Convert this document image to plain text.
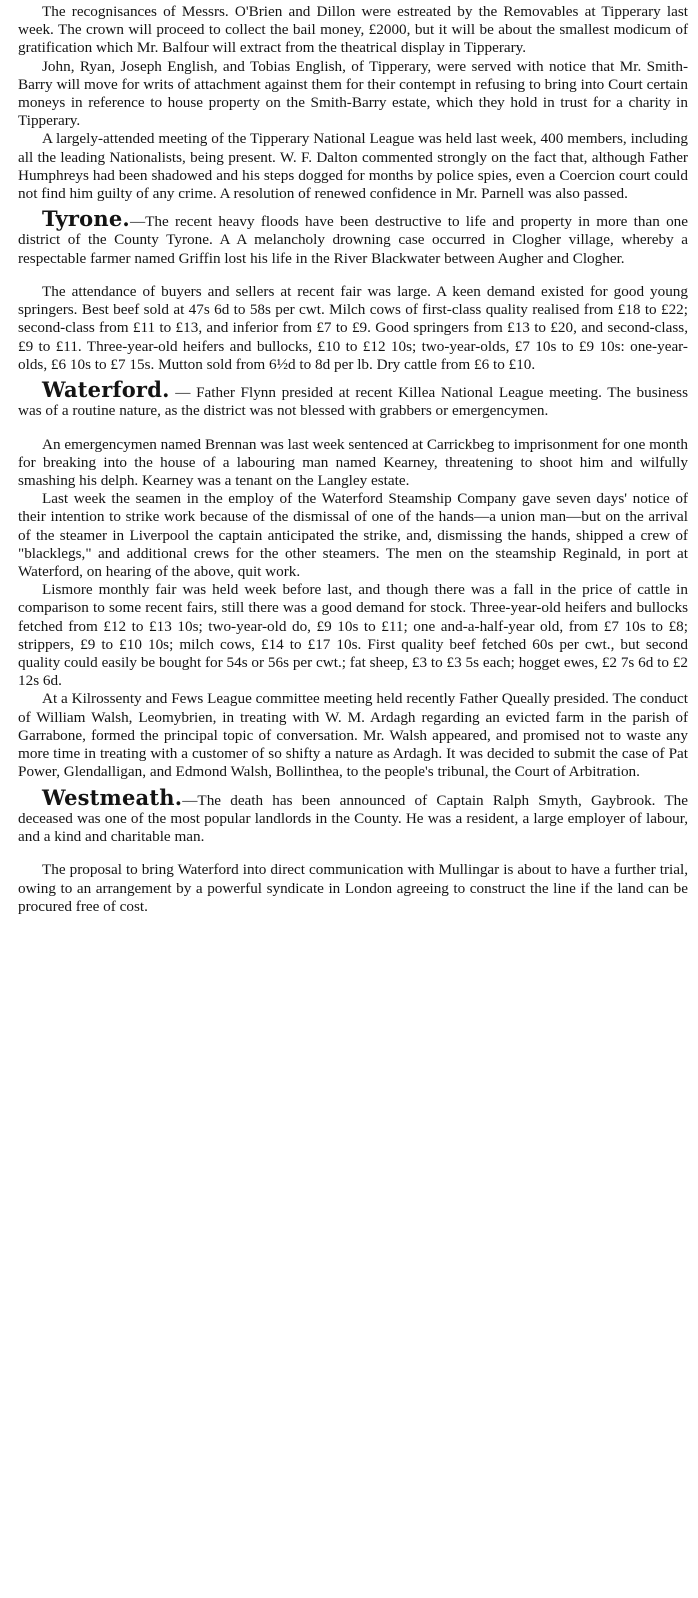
The recognisances of Messrs. O'Brien and Dillon were estreated by the Removables at Tipperary last week. The crown will proceed to collect the bail money, £2000, but it will be about the smallest modicum of gratification which Mr. Balfour will extract from the theatrical display in Tipperary.

John, Ryan, Joseph English, and Tobias English, of Tipperary, were served with notice that Mr. Smith-Barry will move for writs of attachment against them for their contempt in refusing to bring into Court certain moneys in reference to house property on the Smith-Barry estate, which they hold in trust for a charity in Tipperary.

A largely-attended meeting of the Tipperary National League was held last week, 400 members, including all the leading Nationalists, being present. W. F. Dalton commented strongly on the fact that, although Father Humphreys had been shadowed and his steps dogged for months by police spies, even a Coercion court could not find him guilty of any crime. A resolution of renewed confidence in Mr. Parnell was also passed.

Tyrone.—The recent heavy floods have been destructive to life and property in more than one district of the County Tyrone. A A melancholy drowning case occurred in Clogher village, whereby a respectable farmer named Griffin lost his life in the River Blackwater between Augher and Clogher.

The attendance of buyers and sellers at recent fair was large. A keen demand existed for good young springers. Best beef sold at 47s 6d to 58s per cwt. Milch cows of first-class quality realised from £18 to £22; second-class from £11 to £13, and inferior from £7 to £9. Good springers from £13 to £20, and second-class, £9 to £11. Three-year-old heifers and bullocks, £10 to £12 10s; two-year-olds, £7 10s to £9 10s: one-year-olds, £6 10s to £7 15s. Mutton sold from 6½d to 8d per lb. Dry cattle from £6 to £10.

Waterford. — Father Flynn presided at recent Killea National League meeting. The business was of a routine nature, as the district was not blessed with grabbers or emergencymen.

An emergencymen named Brennan was last week sentenced at Carrickbeg to imprisonment for one month for breaking into the house of a labouring man named Kearney, threatening to shoot him and wilfully smashing his delph. Kearney was a tenant on the Langley estate.

Last week the seamen in the employ of the Waterford Steamship Company gave seven days' notice of their intention to strike work because of the dismissal of one of the hands—a union man—but on the arrival of the steamer in Liverpool the captain anticipated the strike, and, dismissing the hands, shipped a crew of "blacklegs," and additional crews for the other steamers. The men on the steamship Reginald, in port at Waterford, on hearing of the above, quit work.

Lismore monthly fair was held week before last, and though there was a fall in the price of cattle in comparison to some recent fairs, still there was a good demand for stock. Three-year-old heifers and bullocks fetched from £12 to £13 10s; two-year-old do, £9 10s to £11; one and-a-half-year old, from £7 10s to £8; strippers, £9 to £10 10s; milch cows, £14 to £17 10s. First quality beef fetched 60s per cwt., but second quality could easily be bought for 54s or 56s per cwt.; fat sheep, £3 to £3 5s each; hogget ewes, £2 7s 6d to £2 12s 6d.

At a Kilrossenty and Fews League committee meeting held recently Father Queally presided. The conduct of William Walsh, Leomybrien, in treating with W. M. Ardagh regarding an evicted farm in the parish of Garrabone, formed the principal topic of conversation. Mr. Walsh appeared, and promised not to waste any more time in treating with a customer of so shifty a nature as Ardagh. It was decided to submit the case of Pat Power, Glendalligan, and Edmond Walsh, Bollinthea, to the people's tribunal, the Court of Arbitration.

Westmeath.—The death has been announced of Captain Ralph Smyth, Gaybrook. The deceased was one of the most popular landlords in the County. He was a resident, a large employer of labour, and a kind and charitable man.

The proposal to bring Waterford into direct communication with Mullingar is about to have a further trial, owing to an arrangement by a powerful syndicate in London agreeing to construct the line if the land can be procured free of cost.
